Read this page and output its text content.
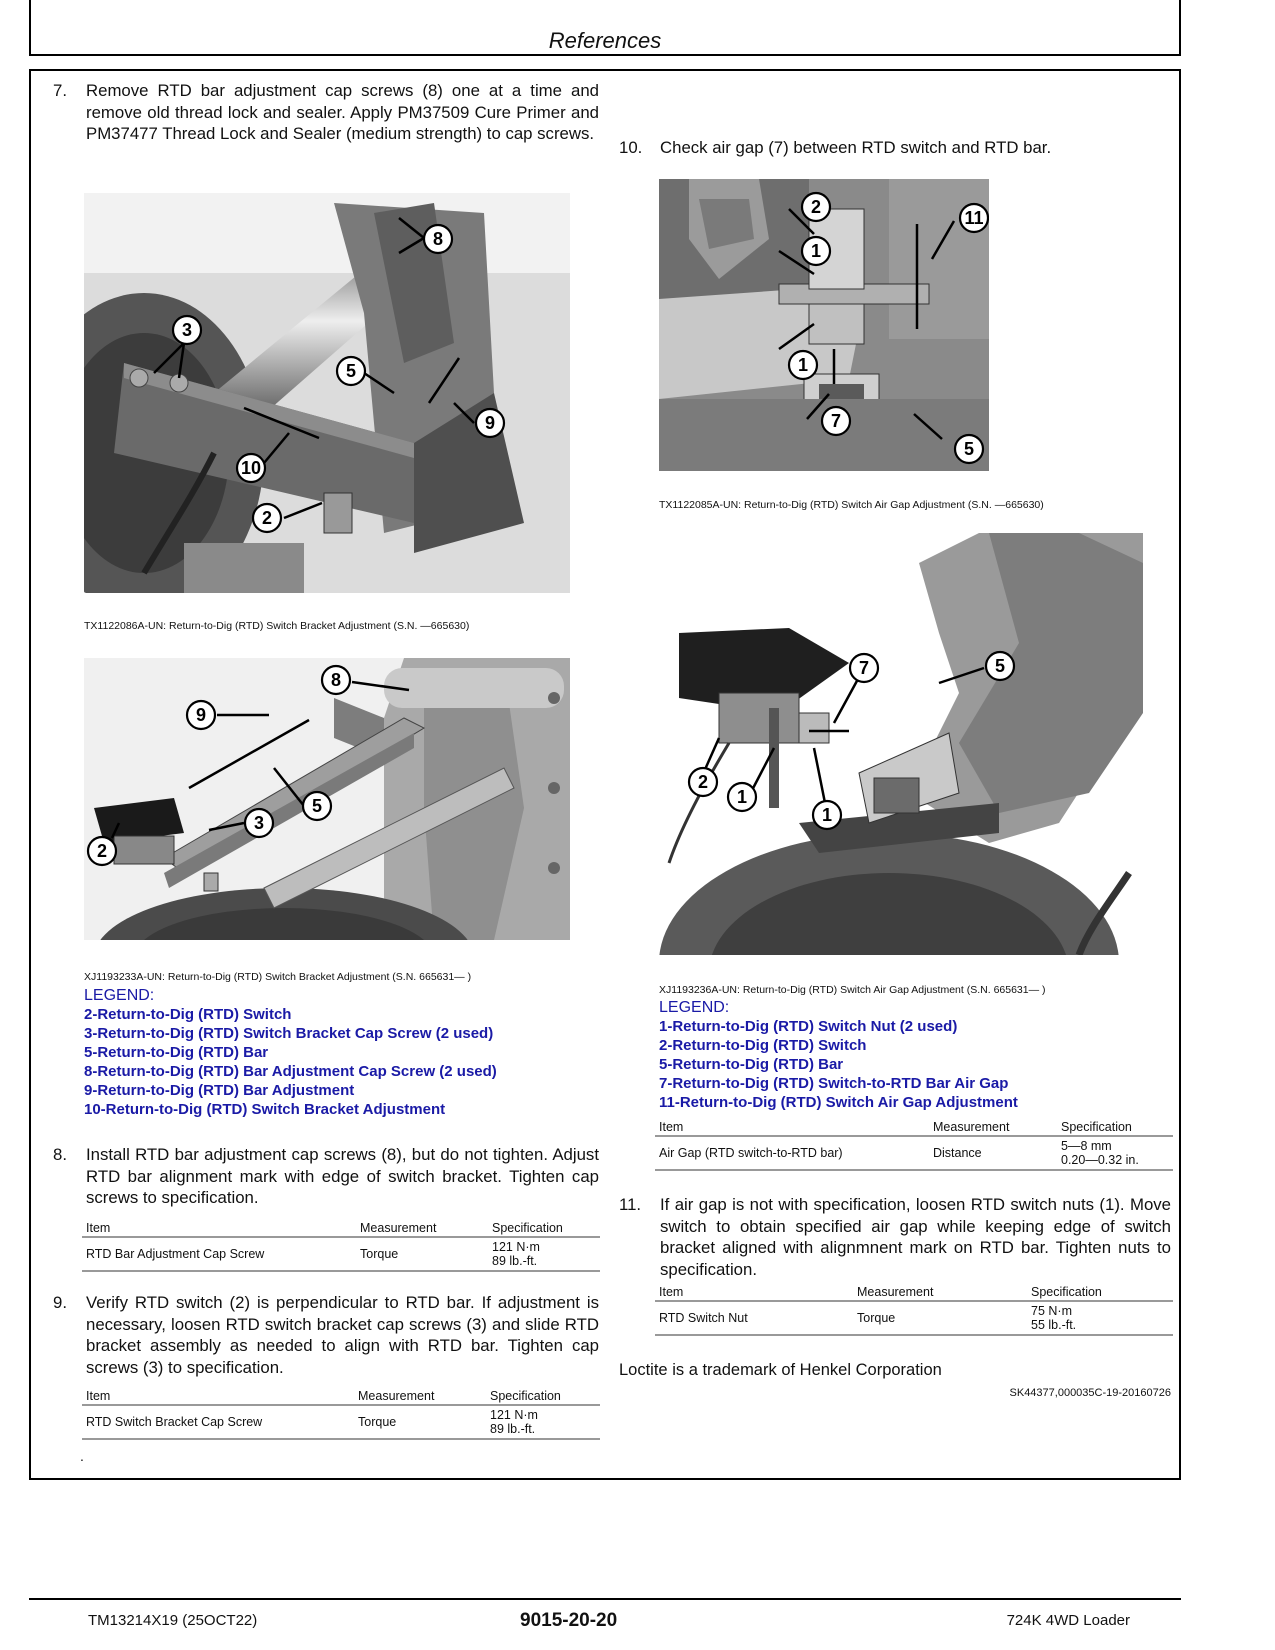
References
7. Remove RTD bar adjustment cap screws (8) one at a time and remove old thread lock and sealer. Apply PM37509 Cure Primer and PM37477 Thread Lock and Sealer (medium strength) to cap screws.
8
3
5
9
10
2
TX1122086A-UN: Return-to-Dig (RTD) Switch Bracket Adjustment (S.N. —665630)
8
9
5
3
2
XJ1193233A-UN: Return-to-Dig (RTD) Switch Bracket Adjustment (S.N. 665631— )
LEGEND:
2-Return-to-Dig (RTD) Switch
3-Return-to-Dig (RTD) Switch Bracket Cap Screw (2 used)
5-Return-to-Dig (RTD) Bar
8-Return-to-Dig (RTD) Bar Adjustment Cap Screw (2 used)
9-Return-to-Dig (RTD) Bar Adjustment
10-Return-to-Dig (RTD) Switch Bracket Adjustment
8. Install RTD bar adjustment cap screws (8), but do not tighten. Adjust RTD bar alignment mark with edge of switch bracket. Tighten cap screws to specification.
Item	Measurement	Specification
RTD Bar Adjustment Cap Screw	Torque	121 N·m
89 lb.-ft.
9. Verify RTD switch (2) is perpendicular to RTD bar. If adjustment is necessary, loosen RTD switch bracket cap screws (3) and slide RTD bracket assembly as needed to align with RTD bar. Tighten cap screws (3) to specification.
Item	Measurement	Specification
RTD Switch Bracket Cap Screw	Torque	121 N·m
89 lb.-ft.
.
10. Check air gap (7) between RTD switch and RTD bar.
2
11
1
1
7
5
TX1122085A-UN: Return-to-Dig (RTD) Switch Air Gap Adjustment (S.N. —665630)
7	5
2
1
1
XJ1193236A-UN: Return-to-Dig (RTD) Switch Air Gap Adjustment (S.N. 665631— )
LEGEND:
1-Return-to-Dig (RTD) Switch Nut (2 used)
2-Return-to-Dig (RTD) Switch
5-Return-to-Dig (RTD) Bar
7-Return-to-Dig (RTD) Switch-to-RTD Bar Air Gap
11-Return-to-Dig (RTD) Switch Air Gap Adjustment
Item	Measurement	Specification
Air Gap (RTD switch-to-RTD bar)	Distance	5—8 mm
0.20—0.32 in.
11. If air gap is not with specification, loosen RTD switch nuts (1). Move switch to obtain specified air gap while keeping edge of switch bracket aligned with alignmnent mark on RTD bar. Tighten nuts to specification.
Item	Measurement	Specification
RTD Switch Nut	Torque	75 N·m
55 lb.-ft.
Loctite is a trademark of Henkel Corporation
SK44377,000035C-19-20160726
TM13214X19 (25OCT22)	9015-20-20	724K 4WD Loader
